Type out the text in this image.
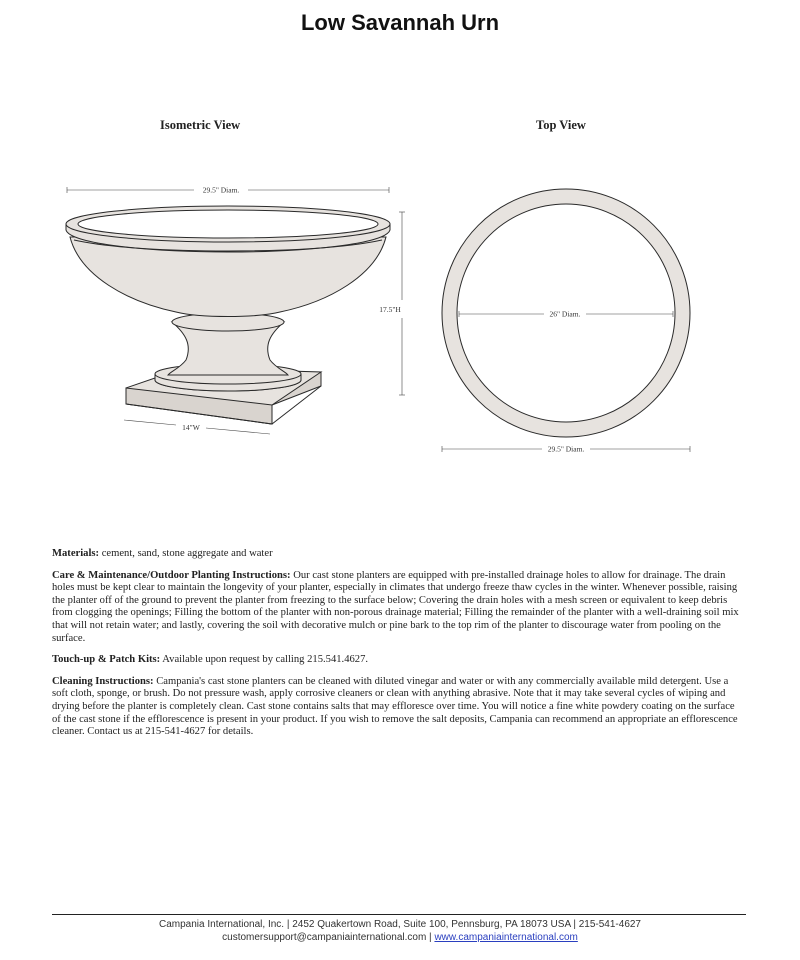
Low Savannah Urn
Isometric View	Top View
29.5" Diam.
17.5"H
14"W
26" Diam.
29.5" Diam.

Materials: cement, sand, stone aggregate and water

Care & Maintenance/Outdoor Planting Instructions: Our cast stone planters are equipped with pre-installed drainage holes to allow for drainage. The drain holes must be kept clear to maintain the longevity of your planter, especially in climates that undergo freeze thaw cycles in the winter. Whenever possible, raising the planter off of the ground to prevent the planter from freezing to the surface below; Covering the drain holes with a mesh screen or equivalent to keep debris from clogging the openings; Filling the bottom of the planter with non-porous drainage material; Filling the remainder of the planter with a well-draining soil mix that will not retain water; and lastly, covering the soil with decorative mulch or pine bark to the top rim of the planter to discourage water from pooling on the surface.

Touch-up & Patch Kits: Available upon request by calling 215.541.4627.

Cleaning Instructions: Campania's cast stone planters can be cleaned with diluted vinegar and water or with any commercially available mild detergent. Use a soft cloth, sponge, or brush. Do not pressure wash, apply corrosive cleaners or clean with anything abrasive. Note that it may take several cycles of wiping and drying before the planter is completely clean. Cast stone contains salts that may effloresce over time. You will notice a fine white powdery coating on the surface of the cast stone if the efflorescence is present in your product. If you wish to remove the salt deposits, Campania can recommend an appropriate an efflorescence cleaner. Contact us at 215-541-4627 for details.

Campania International, Inc. | 2452 Quakertown Road, Suite 100, Pennsburg, PA 18073 USA | 215-541-4627
customersupport@campaniainternational.com | www.campaniainternational.com
